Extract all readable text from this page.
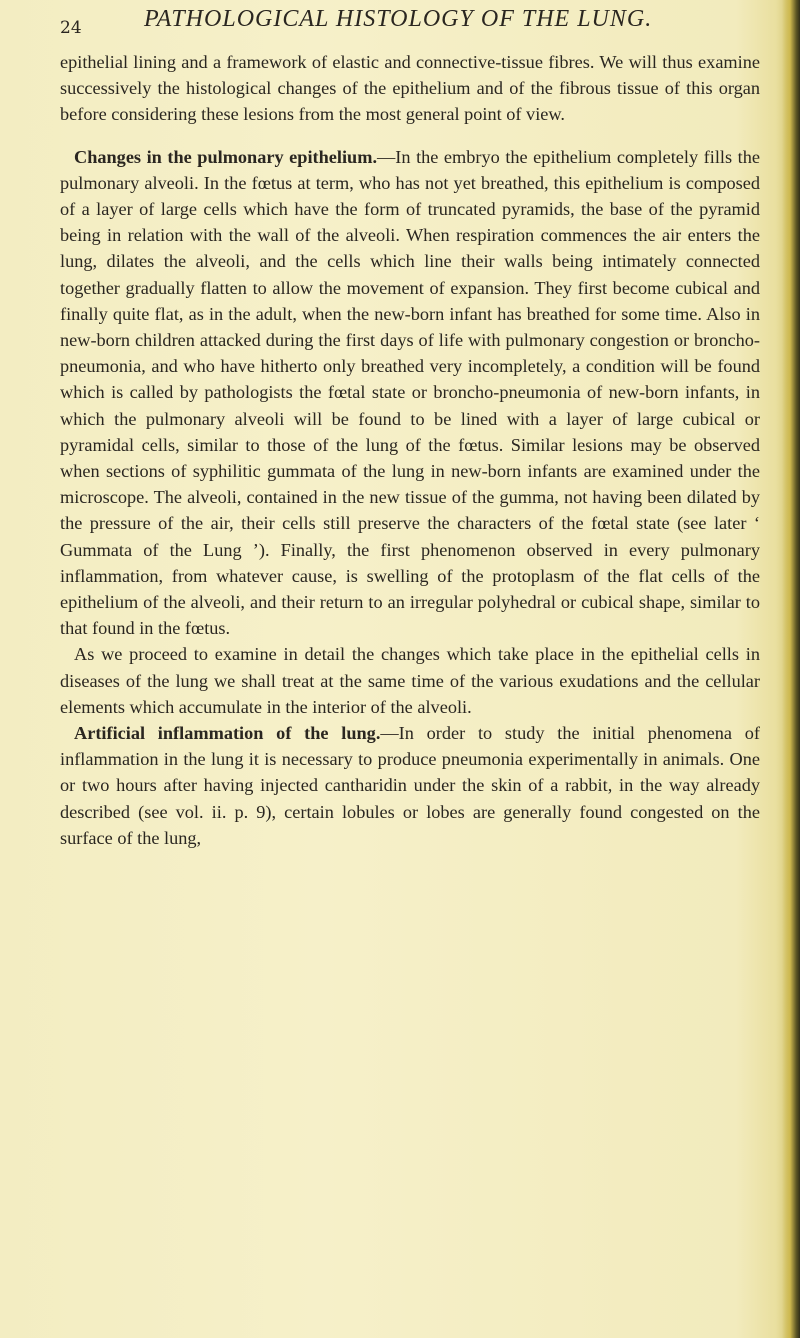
24	PATHOLOGICAL HISTOLOGY OF THE LUNG.

epithelial lining and a framework of elastic and connective-tissue fibres. We will thus examine successively the histological changes of the epithelium and of the fibrous tissue of this organ before considering these lesions from the most general point of view.

Changes in the pulmonary epithelium.—In the embryo the epithelium completely fills the pulmonary alveoli. In the fœtus at term, who has not yet breathed, this epithelium is composed of a layer of large cells which have the form of truncated pyramids, the base of the pyramid being in relation with the wall of the alveoli. When respiration commences the air enters the lung, dilates the alveoli, and the cells which line their walls being intimately connected together gradually flatten to allow the movement of expansion. They first become cubical and finally quite flat, as in the adult, when the new-born infant has breathed for some time. Also in new-born children attacked during the first days of life with pulmonary congestion or broncho-pneumonia, and who have hitherto only breathed very incompletely, a condition will be found which is called by pathologists the fœtal state or broncho-pneumonia of new-born infants, in which the pulmonary alveoli will be found to be lined with a layer of large cubical or pyramidal cells, similar to those of the lung of the fœtus. Similar lesions may be observed when sections of syphilitic gummata of the lung in new-born infants are examined under the microscope. The alveoli, contained in the new tissue of the gumma, not having been dilated by the pressure of the air, their cells still preserve the characters of the fœtal state (see later ‘ Gummata of the Lung ’). Finally, the first phenomenon observed in every pulmonary inflammation, from whatever cause, is swelling of the protoplasm of the flat cells of the epithelium of the alveoli, and their return to an irregular polyhedral or cubical shape, similar to that found in the fœtus.

As we proceed to examine in detail the changes which take place in the epithelial cells in diseases of the lung we shall treat at the same time of the various exudations and the cellular elements which accumulate in the interior of the alveoli.

Artificial inflammation of the lung.—In order to study the initial phenomena of inflammation in the lung it is necessary to produce pneumonia experimentally in animals. One or two hours after having injected cantharidin under the skin of a rabbit, in the way already described (see vol. ii. p. 9), certain lobules or lobes are generally found congested on the surface of the lung,
